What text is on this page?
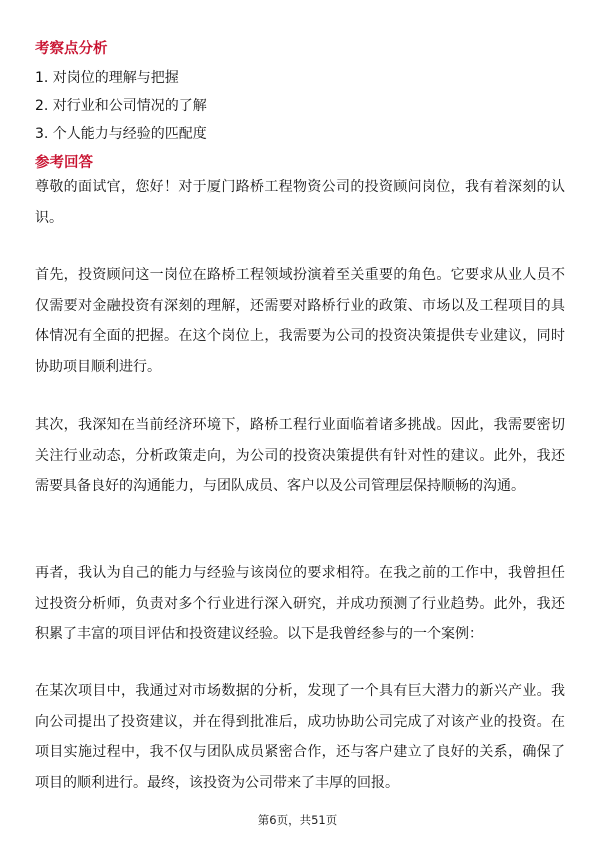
考察点分析
1. 对岗位的理解与把握
2. 对行业和公司情况的了解
3. 个人能力与经验的匹配度
参考回答
尊敬的面试官，您好！对于厦门路桥工程物资公司的投资顾问岗位，我有着深刻的认识。
首先，投资顾问这一岗位在路桥工程领域扮演着至关重要的角色。它要求从业人员不仅需要对金融投资有深刻的理解，还需要对路桥行业的政策、市场以及工程项目的具体情况有全面的把握。在这个岗位上，我需要为公司的投资决策提供专业建议，同时协助项目顺利进行。
其次，我深知在当前经济环境下，路桥工程行业面临着诸多挑战。因此，我需要密切关注行业动态，分析政策走向，为公司的投资决策提供有针对性的建议。此外，我还需要具备良好的沟通能力，与团队成员、客户以及公司管理层保持顺畅的沟通。
再者，我认为自己的能力与经验与该岗位的要求相符。在我之前的工作中，我曾担任过投资分析师，负责对多个行业进行深入研究，并成功预测了行业趋势。此外，我还积累了丰富的项目评估和投资建议经验。以下是我曾经参与的一个案例：
在某次项目中，我通过对市场数据的分析，发现了一个具有巨大潜力的新兴产业。我向公司提出了投资建议，并在得到批准后，成功协助公司完成了对该产业的投资。在项目实施过程中，我不仅与团队成员紧密合作，还与客户建立了良好的关系，确保了项目的顺利进行。最终，该投资为公司带来了丰厚的回报。
第6页，共51页
